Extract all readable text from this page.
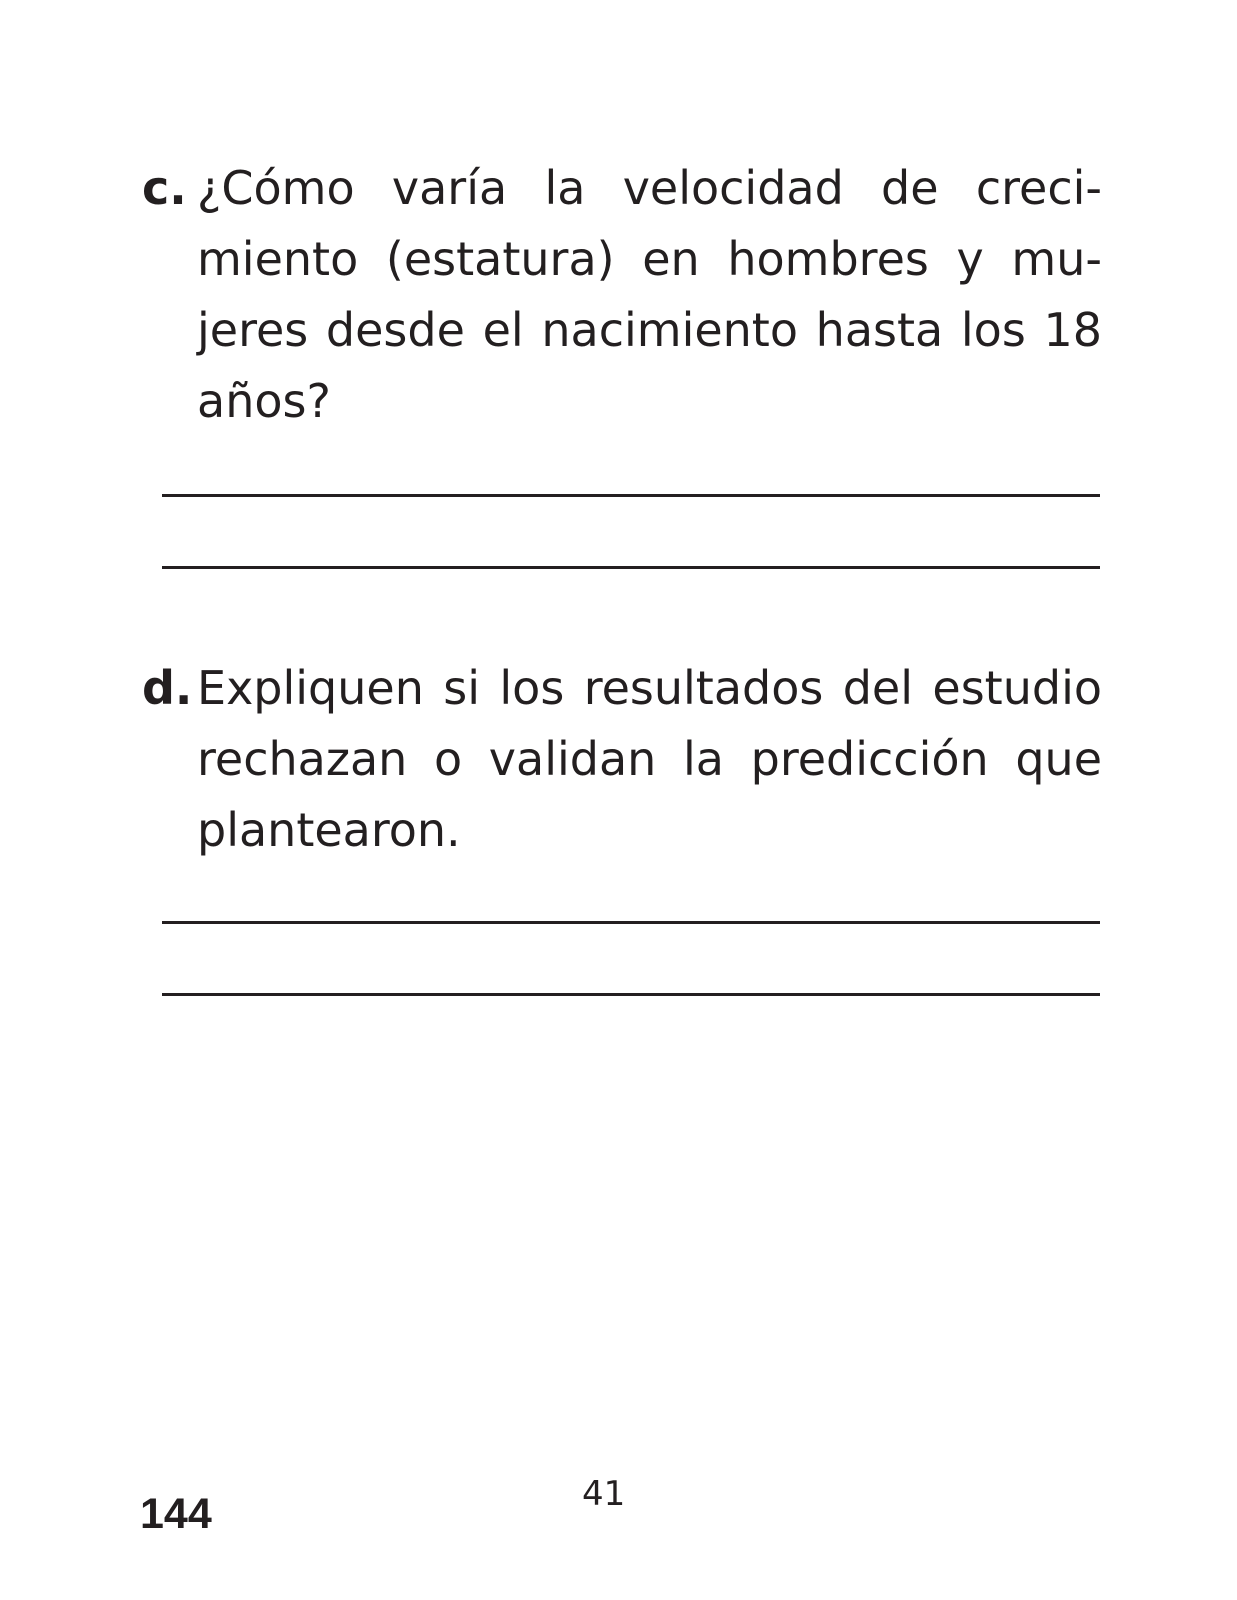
c. ¿Cómo varía la velocidad de creci-miento (estatura) en hombres y mu-jeres desde el nacimiento hasta los 18 años?
d. Expliquen si los resultados del estudio rechazan o validan la predicción que plantearon.
41
144
